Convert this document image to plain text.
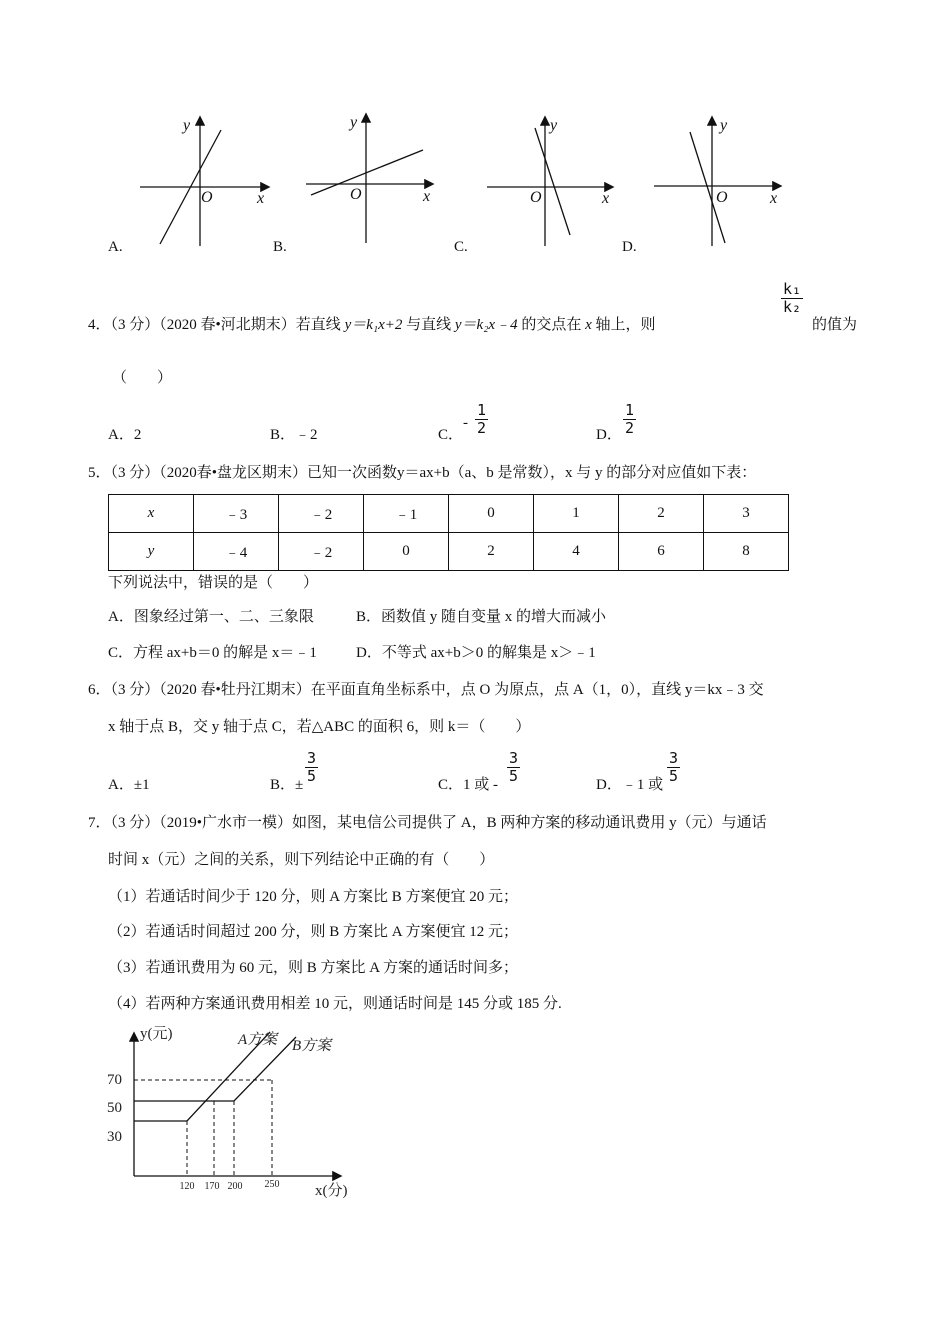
y
O	x
y
O	x
y
O	x
y
O	x
A.	B.	C.	D.
4．（3 分）（2020 春•河北期末）若直线 y＝k₁x+2 与直线 y＝k₂x﹣4 的交点在 x 轴上，则
$\frac{\text{k₁}}{\text{k₂}}$
的值为
（　　）
A．2	B．﹣2	C．- $\frac{1}{2}$	D． $\frac{1}{2}$
5．（3 分）（2020春•盘龙区期末）已知一次函数y＝ax+b（a、b 是常数），x 与 y 的部分对应值如下表：
x	﹣3	﹣2	﹣1	0	1	2	3
y	﹣4	﹣2	0	2	4	6	8
下列说法中，错误的是（　　）
A．图象经过第一、二、三象限	B．函数值 y 随自变量 x 的增大而减小
C．方程 ax+b＝0 的解是 x＝﹣1	D．不等式 ax+b＞0 的解集是 x＞﹣1
6．（3 分）（2020 春•牡丹江期末）在平面直角坐标系中，点 O 为原点，点 A（1，0），直线 y＝kx﹣3 交
x 轴于点 B，交 y 轴于点 C，若△ABC 的面积 6，则 k＝（　　）
A．±1	B．± $\frac{3}{5}$	C．1 或 - $\frac{3}{5}$	D．﹣1 或 $\frac{3}{5}$
7．（3 分）（2019•广水市一模）如图，某电信公司提供了 A，B 两种方案的移动通讯费用 y（元）与通话
时间 x（元）之间的关系，则下列结论中正确的有（　　）
（1）若通话时间少于 120 分，则 A 方案比 B 方案便宜 20 元；
（2）若通话时间超过 200 分，则 B 方案比 A 方案便宜 12 元；
（3）若通讯费用为 60 元，则 B 方案比 A 方案的通话时间多；
（4）若两种方案通讯费用相差 10 元，则通话时间是 145 分或 185 分.
70
50
30
y(元)
x(分)
A方案 B方案
120 170 200 250
